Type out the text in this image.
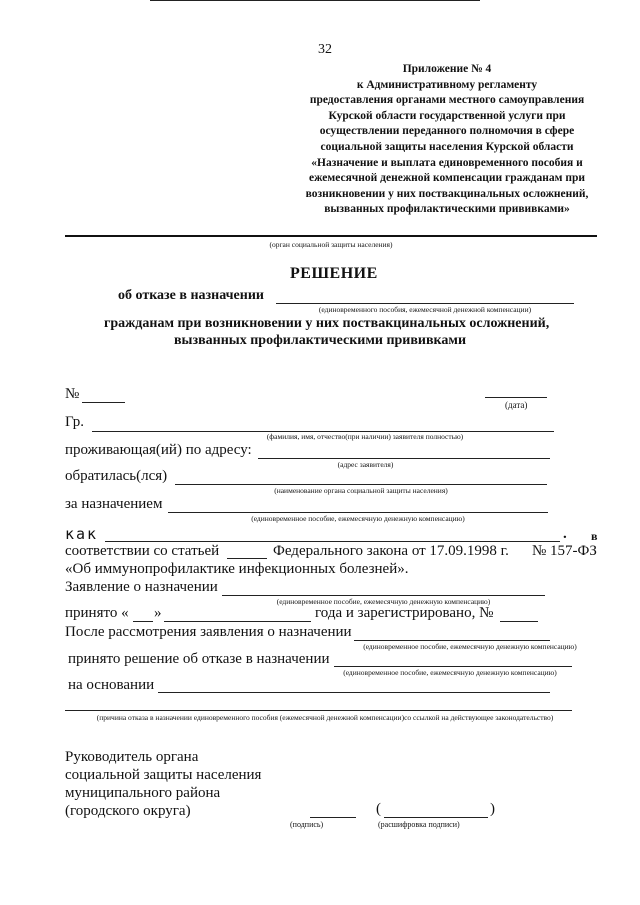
32
Приложение № 4
к Административному регламенту
предоставления органами местного самоуправления
Курской области государственной услуги при
осуществлении переданного полномочия в сфере
социальной защиты населения Курской области
«Назначение и выплата единовременного пособия и
ежемесячной денежной компенсации гражданам при
возникновении у них поствакцинальных осложнений,
вызванных профилактическими прививками»
(орган социальной защиты населения)
РЕШЕНИЕ
об отказе в назначении
(единовременного пособия, ежемесячной денежной компенсации)
гражданам при возникновении у них поствакцинальных осложнений,
вызванных профилактическими прививками
№
(дата)
Гр.
(фамилия, имя, отчество(при наличии) заявителя полностью)
проживающая(ий) по адресу:
(адрес заявителя)
обратилась(лся)
(наименование органа социальной защиты населения)
за назначением
(единовременное пособие, ежемесячную денежную компенсацию)
как	. в
соответствии со статьей	Федерального закона от 17.09.1998 г. № 157-ФЗ
«Об иммунопрофилактике инфекционных болезней».
Заявление о назначении
(единовременное пособие, ежемесячную денежную компенсацию)
принято « »	года и зарегистрировано, №
После рассмотрения заявления о назначении
(единовременное пособие, ежемесячную денежную компенсацию)
принято решение об отказе в назначении
(единовременное пособие, ежемесячную денежную компенсацию)
на основании
(причина отказа в назначении единовременного пособия (ежемесячной денежной компенсации)со ссылкой на действующее законодательство)
Руководитель органа
социальной защиты населения
муниципального района
(городского округа)
(подпись)
(	)
(расшифровка подписи)
